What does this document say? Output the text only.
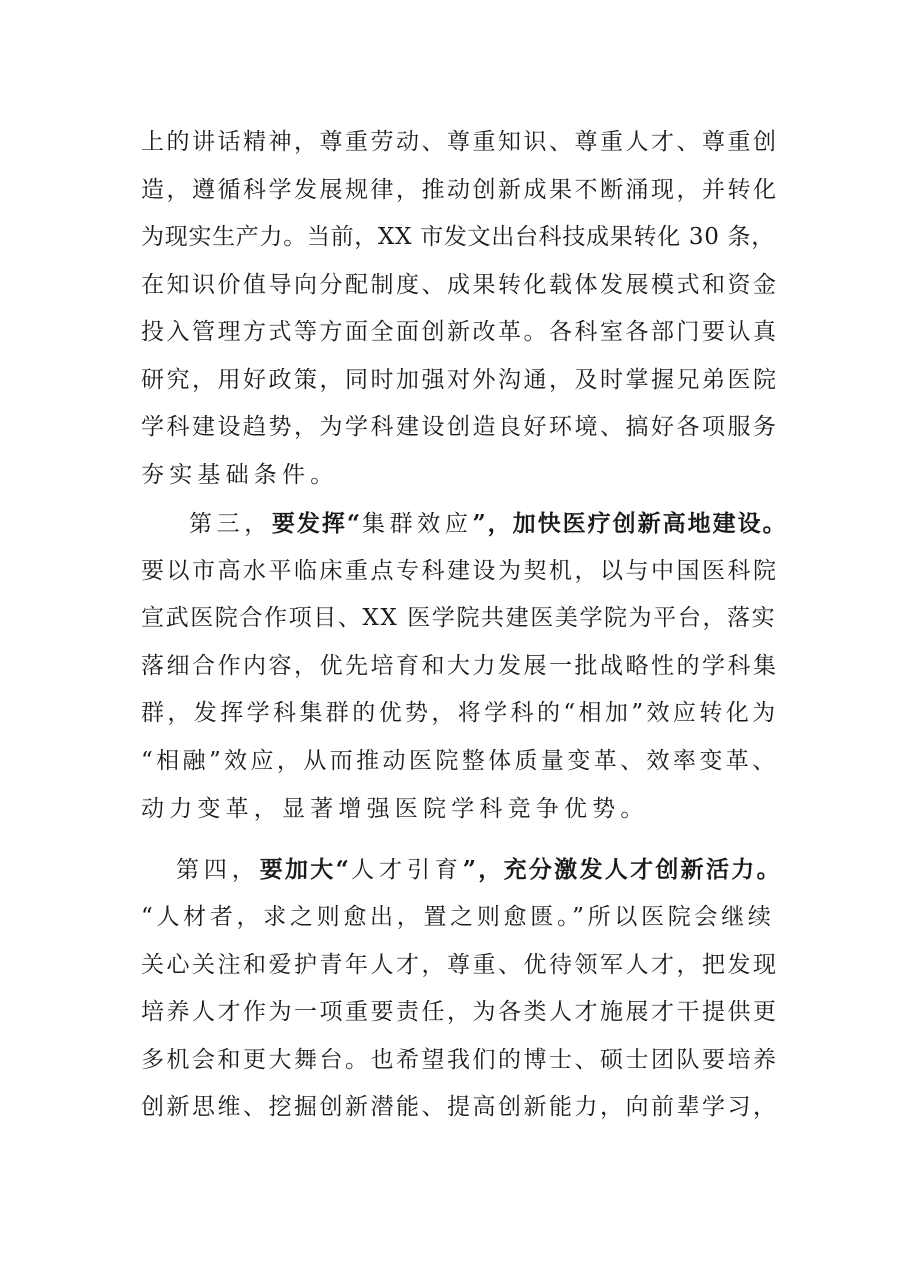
上的讲话精神，尊重劳动、尊重知识、尊重人才、尊重创
造，遵循科学发展规律，推动创新成果不断涌现，并转化
为现实生产力。当前，XX 市发文出台科技成果转化 30 条，
在知识价值导向分配制度、成果转化载体发展模式和资金
投入管理方式等方面全面创新改革。各科室各部门要认真
研究，用好政策，同时加强对外沟通，及时掌握兄弟医院
学科建设趋势，为学科建设创造良好环境、搞好各项服务
夯实基础条件。
第三，要发挥“集群效应”，加快医疗创新高地建设。
要以市高水平临床重点专科建设为契机，以与中国医科院
宣武医院合作项目、XX 医学院共建医美学院为平台，落实
落细合作内容，优先培育和大力发展一批战略性的学科集
群，发挥学科集群的优势，将学科的“相加”效应转化为
“相融”效应，从而推动医院整体质量变革、效率变革、
动力变革，显著增强医院学科竞争优势。
第四，要加大“人才引育”，充分激发人才创新活力。
“人材者，求之则愈出，置之则愈匮。”所以医院会继续
关心关注和爱护青年人才，尊重、优待领军人才，把发现
培养人才作为一项重要责任，为各类人才施展才干提供更
多机会和更大舞台。也希望我们的博士、硕士团队要培养
创新思维、挖掘创新潜能、提高创新能力，向前辈学习，
